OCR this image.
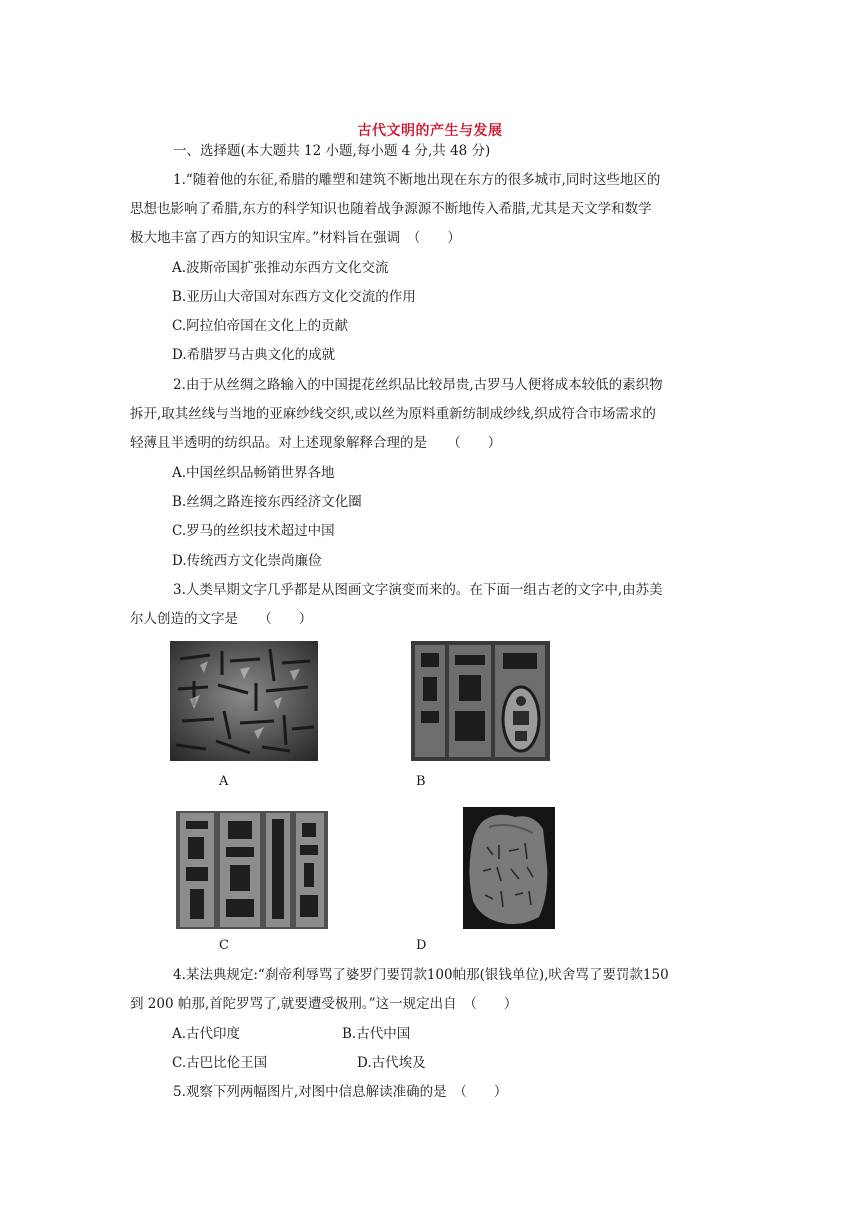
古代文明的产生与发展
一、选择题(本大题共 12 小题,每小题 4 分,共 48 分)
1.“随着他的东征,希腊的雕塑和建筑不断地出现在东方的很多城市,同时这些地区的
思想也影响了希腊,东方的科学知识也随着战争源源不断地传入希腊,尤其是天文学和数学
极大地丰富了西方的知识宝库。”材料旨在强调　（　　）
A.波斯帝国扩张推动东西方文化交流
B.亚历山大帝国对东西方文化交流的作用
C.阿拉伯帝国在文化上的贡献
D.希腊罗马古典文化的成就
2.由于从丝绸之路输入的中国提花丝织品比较昂贵,古罗马人便将成本较低的素织物
拆开,取其丝线与当地的亚麻纱线交织,或以丝为原料重新纺制成纱线,织成符合市场需求的
轻薄且半透明的纺织品。对上述现象解释合理的是　　（　　）
A.中国丝织品畅销世界各地
B.丝绸之路连接东西经济文化圈
C.罗马的丝织技术超过中国
D.传统西方文化崇尚廉俭
3.人类早期文字几乎都是从图画文字演变而来的。在下面一组古老的文字中,由苏美
尔人创造的文字是　　（　　）
A	B
C	D
4.某法典规定:“刹帝利辱骂了婆罗门要罚款100帕那(银钱单位),吠舍骂了要罚款150
到 200 帕那,首陀罗骂了,就要遭受极刑。”这一规定出自　（　　）
A.古代印度	B.古代中国
C.古巴比伦王国	D.古代埃及
5.观察下列两幅图片,对图中信息解读准确的是　（　　）
